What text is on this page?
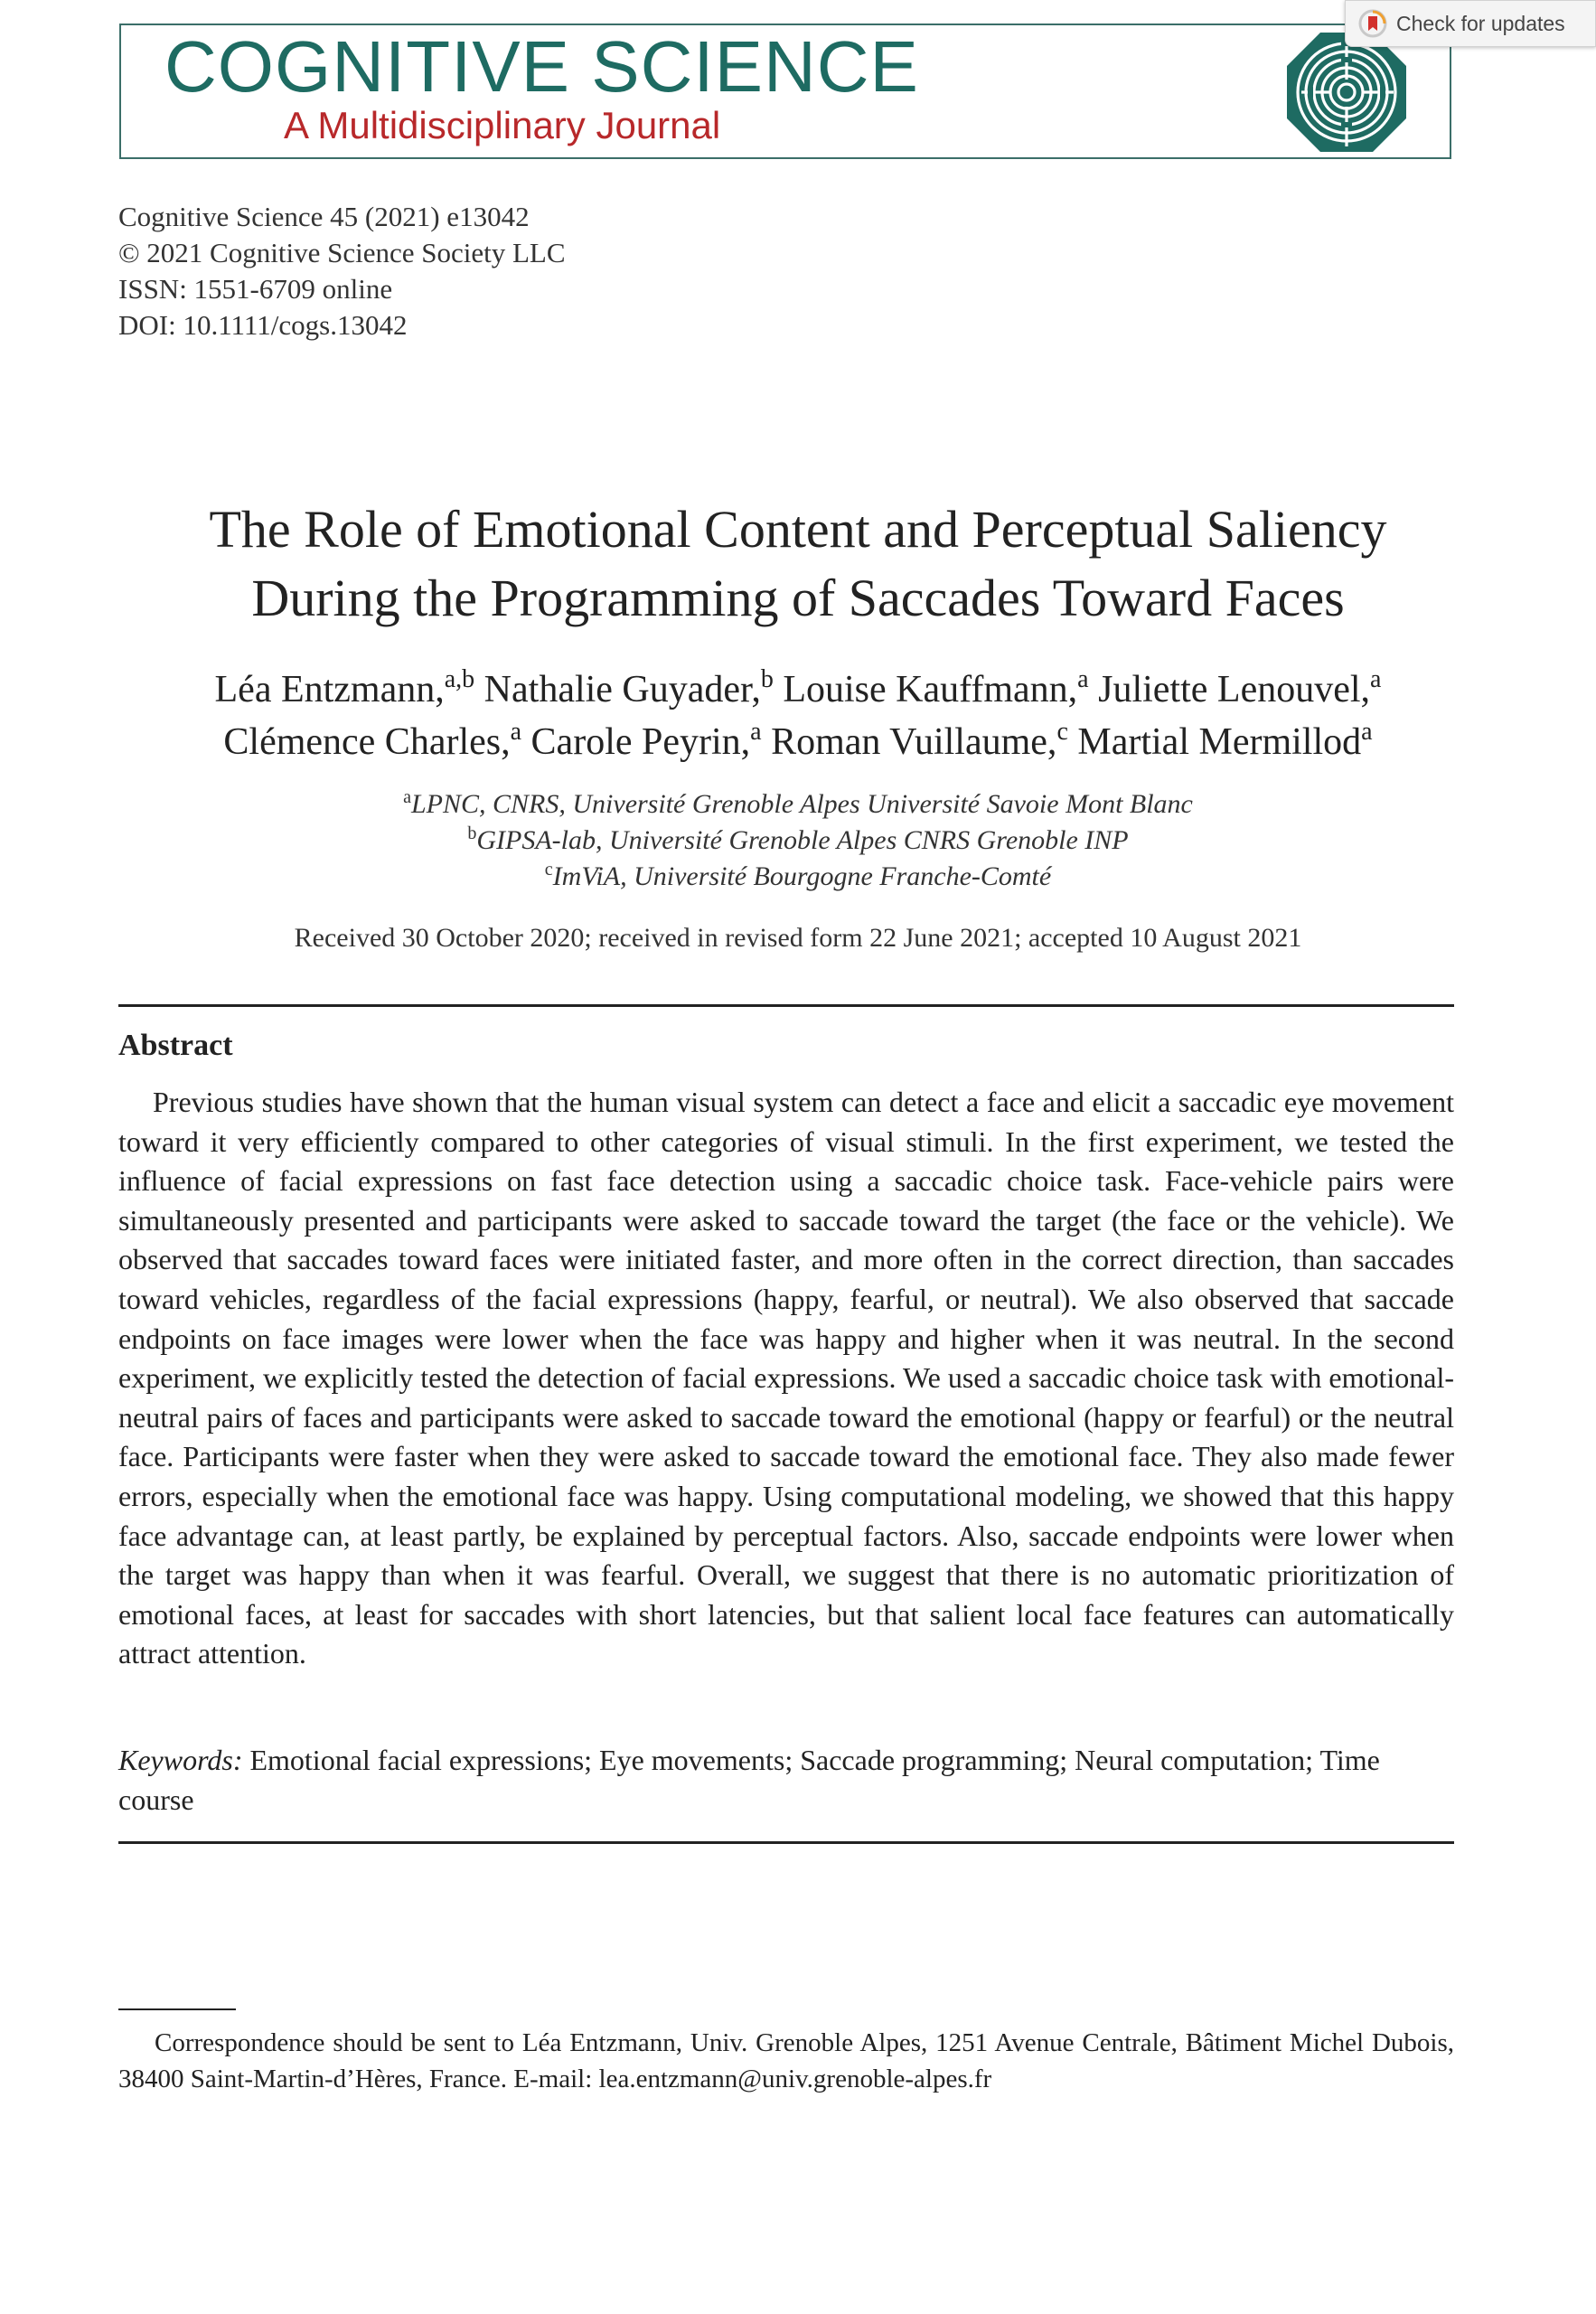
COGNITIVE SCIENCE
A Multidisciplinary Journal
Check for updates
Cognitive Science 45 (2021) e13042
© 2021 Cognitive Science Society LLC
ISSN: 1551-6709 online
DOI: 10.1111/cogs.13042
The Role of Emotional Content and Perceptual Saliency
During the Programming of Saccades Toward Faces
Léa Entzmann,$^{a,b}$ Nathalie Guyader,$^b$ Louise Kauffmann,$^a$ Juliette Lenouvel,$^a$
Clémence Charles,$^a$ Carole Peyrin,$^a$ Roman Vuillaume,$^c$ Martial Mermillod$^a$
$^a$LPNC, CNRS, Université Grenoble Alpes Université Savoie Mont Blanc
$^b$GIPSA-lab, Université Grenoble Alpes CNRS Grenoble INP
$^c$ImViA, Université Bourgogne Franche-Comté
Received 30 October 2020; received in revised form 22 June 2021; accepted 10 August 2021
Abstract
Previous studies have shown that the human visual system can detect a face and elicit a saccadic eye movement toward it very efficiently compared to other categories of visual stimuli. In the first experiment, we tested the influence of facial expressions on fast face detection using a saccadic choice task. Face-vehicle pairs were simultaneously presented and participants were asked to saccade toward the target (the face or the vehicle). We observed that saccades toward faces were initiated faster, and more often in the correct direction, than saccades toward vehicles, regardless of the facial expressions (happy, fearful, or neutral). We also observed that saccade endpoints on face images were lower when the face was happy and higher when it was neutral. In the second experiment, we explicitly tested the detection of facial expressions. We used a saccadic choice task with emotional-neutral pairs of faces and participants were asked to saccade toward the emotional (happy or fearful) or the neutral face. Participants were faster when they were asked to saccade toward the emotional face. They also made fewer errors, especially when the emotional face was happy. Using computational modeling, we showed that this happy face advantage can, at least partly, be explained by perceptual factors. Also, saccade endpoints were lower when the target was happy than when it was fearful. Overall, we suggest that there is no automatic prioritization of emotional faces, at least for saccades with short latencies, but that salient local face features can automatically attract attention.
Keywords: Emotional facial expressions; Eye movements; Saccade programming; Neural computation; Time course
Correspondence should be sent to Léa Entzmann, Univ. Grenoble Alpes, 1251 Avenue Centrale, Bâtiment Michel Dubois, 38400 Saint-Martin-d’Hères, France. E-mail: lea.entzmann@univ.grenoble-alpes.fr
